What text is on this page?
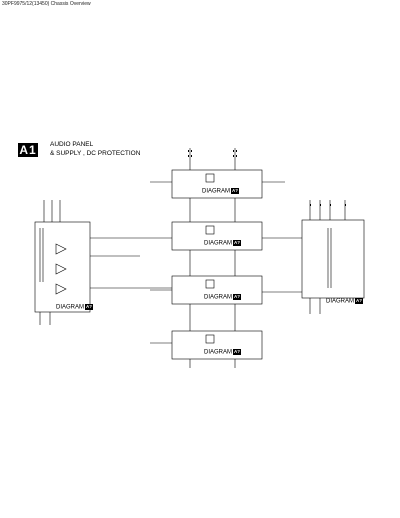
30PF9975/12(13450) Chassis Overview
A1 AUDIO PANEL
& SUPPLY , DC PROTECTION
DIAGRAM A?
DIAGRAM A?
DIAGRAM A?
DIAGRAM A?
DIAGRAM A?
DIAGRAM A?
